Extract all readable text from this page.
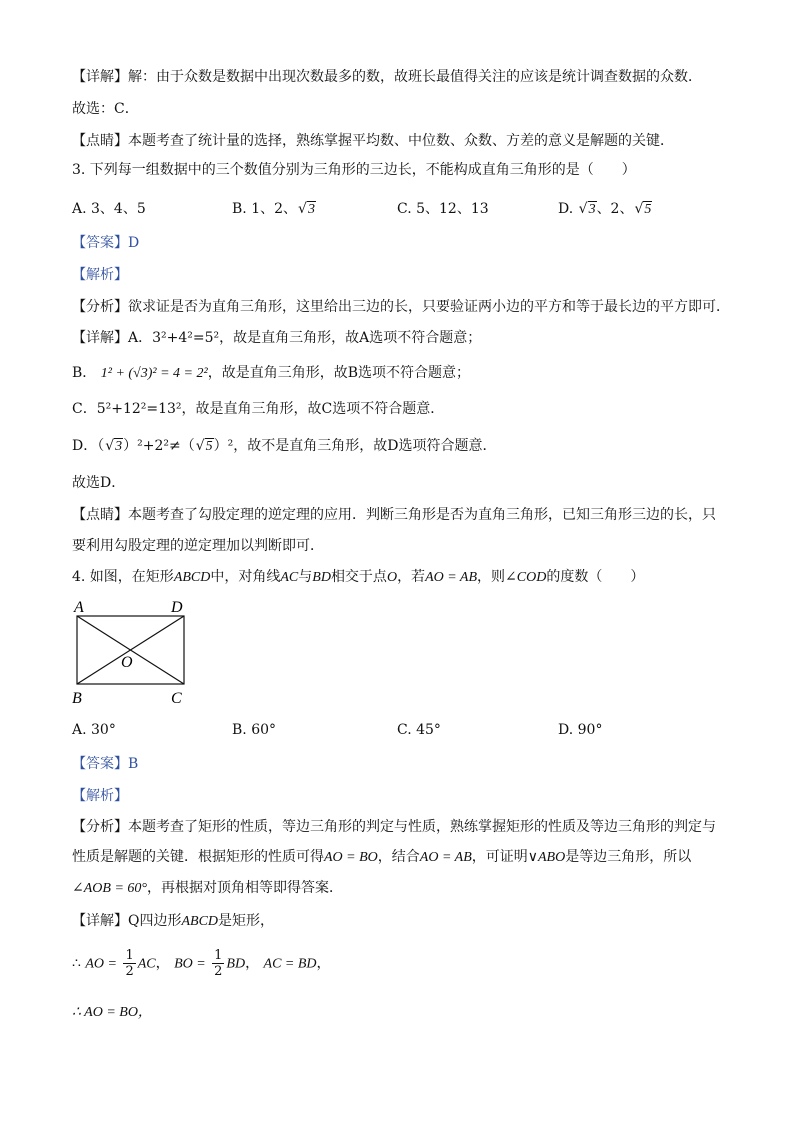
【详解】解：由于众数是数据中出现次数最多的数，故班长最值得关注的应该是统计调查数据的众数．
故选：C．
【点睛】本题考查了统计量的选择，熟练掌握平均数、中位数、众数、方差的意义是解题的关键．
3. 下列每一组数据中的三个数值分别为三角形的三边长，不能构成直角三角形的是（　　）
A. 3、4、5	B. 1、2、√3	C. 5、12、13	D. √3、2、√5
【答案】D
【解析】
【分析】欲求证是否为直角三角形，这里给出三边的长，只要验证两小边的平方和等于最长边的平方即可．
【详解】A．3²+4²=5²，故是直角三角形，故A选项不符合题意；
B． 1² + (√3)² = 4 = 2²，故是直角三角形，故B选项不符合题意；
C．5²+12²=13²，故是直角三角形，故C选项不符合题意．
D．（√3）²+2²≠（√5）²，故不是直角三角形，故D选项符合题意．
故选D．
【点睛】本题考查了勾股定理的逆定理的应用．判断三角形是否为直角三角形，已知三角形三边的长，只
要利用勾股定理的逆定理加以判断即可．
4. 如图，在矩形ABCD中，对角线AC与BD相交于点O，若AO = AB，则∠COD的度数（　　）
A	D
O
B	C
A. 30°	B. 60°	C. 45°	D. 90°
【答案】B
【解析】
【分析】本题考查了矩形的性质，等边三角形的判定与性质，熟练掌握矩形的性质及等边三角形的判定与
性质是解题的关键．根据矩形的性质可得AO = BO，结合AO = AB，可证明∨ABO是等边三角形，所以
∠AOB = 60°，再根据对顶角相等即得答案．
【详解】Q四边形ABCD是矩形，
∴ AO = $\frac{1}{2}$ AC， BO = $\frac{1}{2}$ BD， AC = BD，
∴ AO = BO，
